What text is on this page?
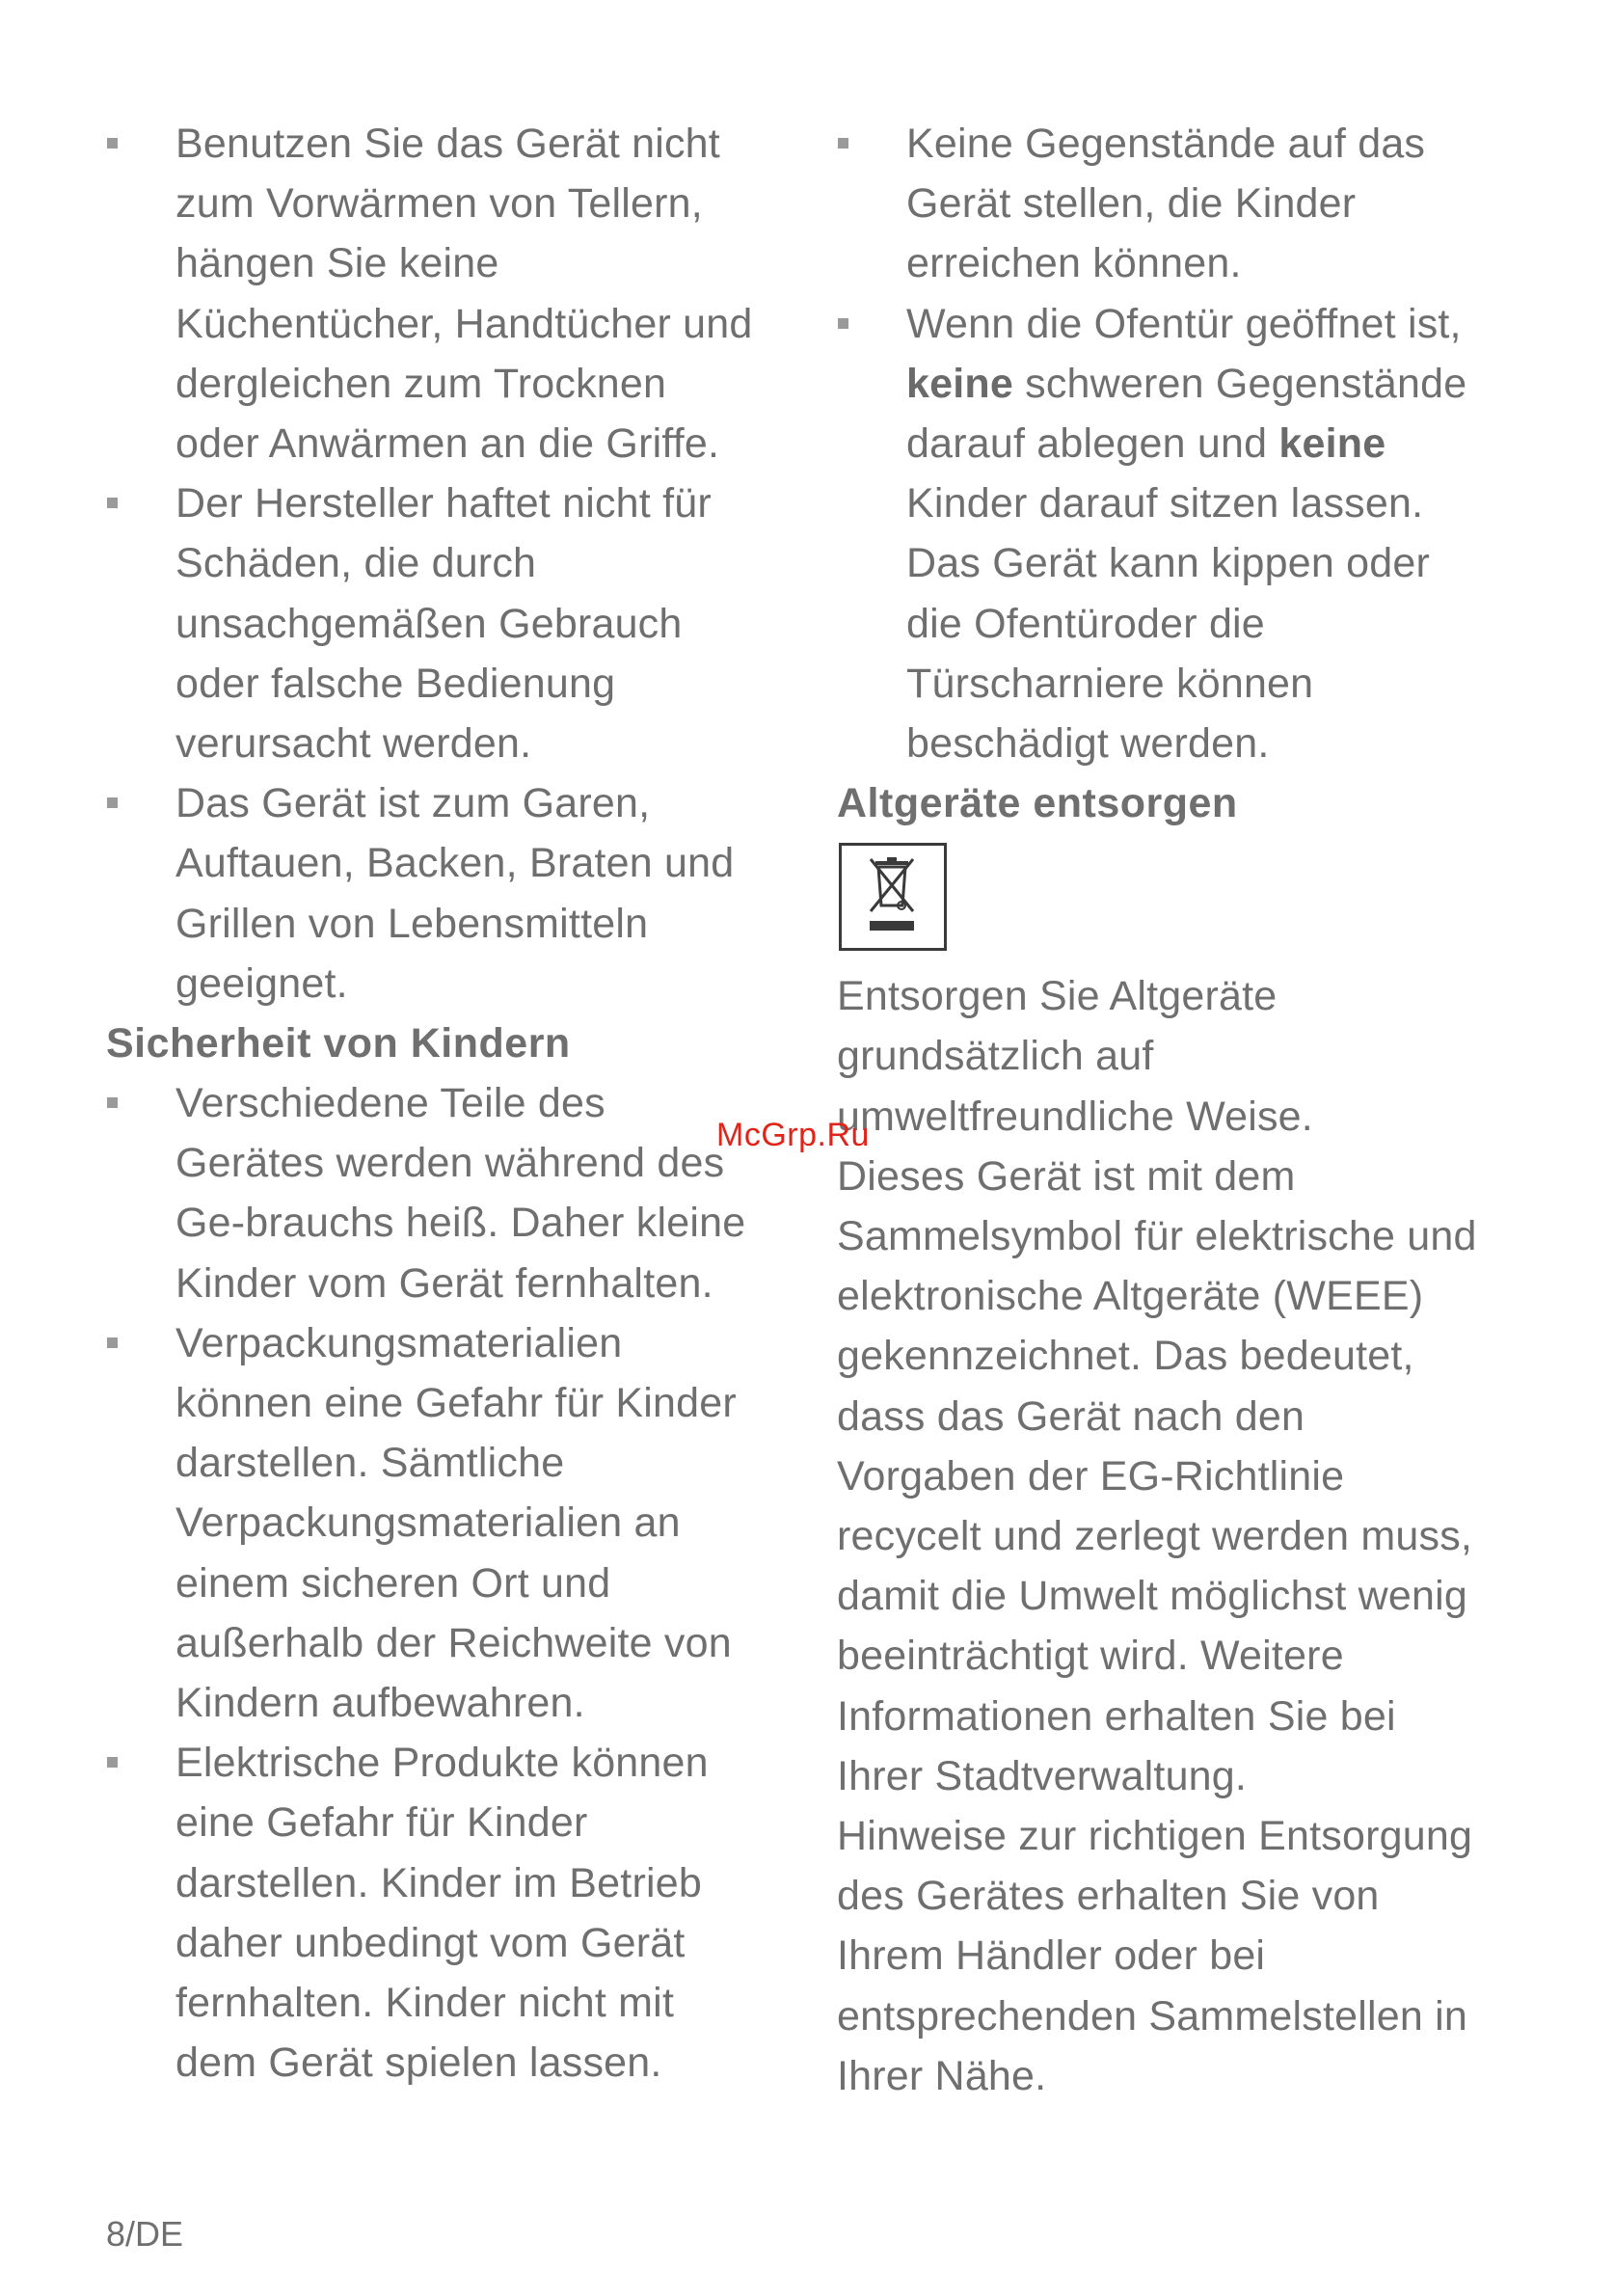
Benutzen Sie das Gerät nicht
zum Vorwärmen von Tellern,
hängen Sie keine
Küchentücher, Handtücher und
dergleichen zum Trocknen
oder Anwärmen an die Griffe.
Der Hersteller haftet nicht für
Schäden, die durch
unsachgemäßen Gebrauch
oder falsche Bedienung
verursacht werden.
Das Gerät ist zum Garen,
Auftauen, Backen, Braten und
Grillen von Lebensmitteln
geeignet.
Sicherheit von Kindern
Verschiedene Teile des
Gerätes werden während des
Ge-brauchs heiß. Daher kleine
Kinder vom Gerät fernhalten.
Verpackungsmaterialien
können eine Gefahr für Kinder
darstellen. Sämtliche
Verpackungsmaterialien an
einem sicheren Ort und
außerhalb der Reichweite von
Kindern aufbewahren.
Elektrische Produkte können
eine Gefahr für Kinder
darstellen. Kinder im Betrieb
daher unbedingt vom Gerät
fernhalten. Kinder nicht mit
dem Gerät spielen lassen.
Keine Gegenstände auf das
Gerät stellen, die Kinder
erreichen können.
Wenn die Ofentür geöffnet ist,
keine schweren Gegenstände
darauf ablegen und keine
Kinder darauf sitzen lassen.
Das Gerät kann kippen oder
die Ofentüroder die
Türscharniere können
beschädigt werden.
Altgeräte entsorgen
Entsorgen Sie Altgeräte
grundsätzlich auf
umweltfreundliche Weise.
Dieses Gerät ist mit dem
Sammelsymbol für elektrische und
elektronische Altgeräte (WEEE)
gekennzeichnet. Das bedeutet,
dass das Gerät nach den
Vorgaben der EG-Richtlinie
recycelt und zerlegt werden muss,
damit die Umwelt möglichst wenig
beeinträchtigt wird. Weitere
Informationen erhalten Sie bei
Ihrer Stadtverwaltung.
Hinweise zur richtigen Entsorgung
des Gerätes erhalten Sie von
Ihrem Händler oder bei
entsprechenden Sammelstellen in
Ihrer Nähe.
McGrp.Ru
8/DE
